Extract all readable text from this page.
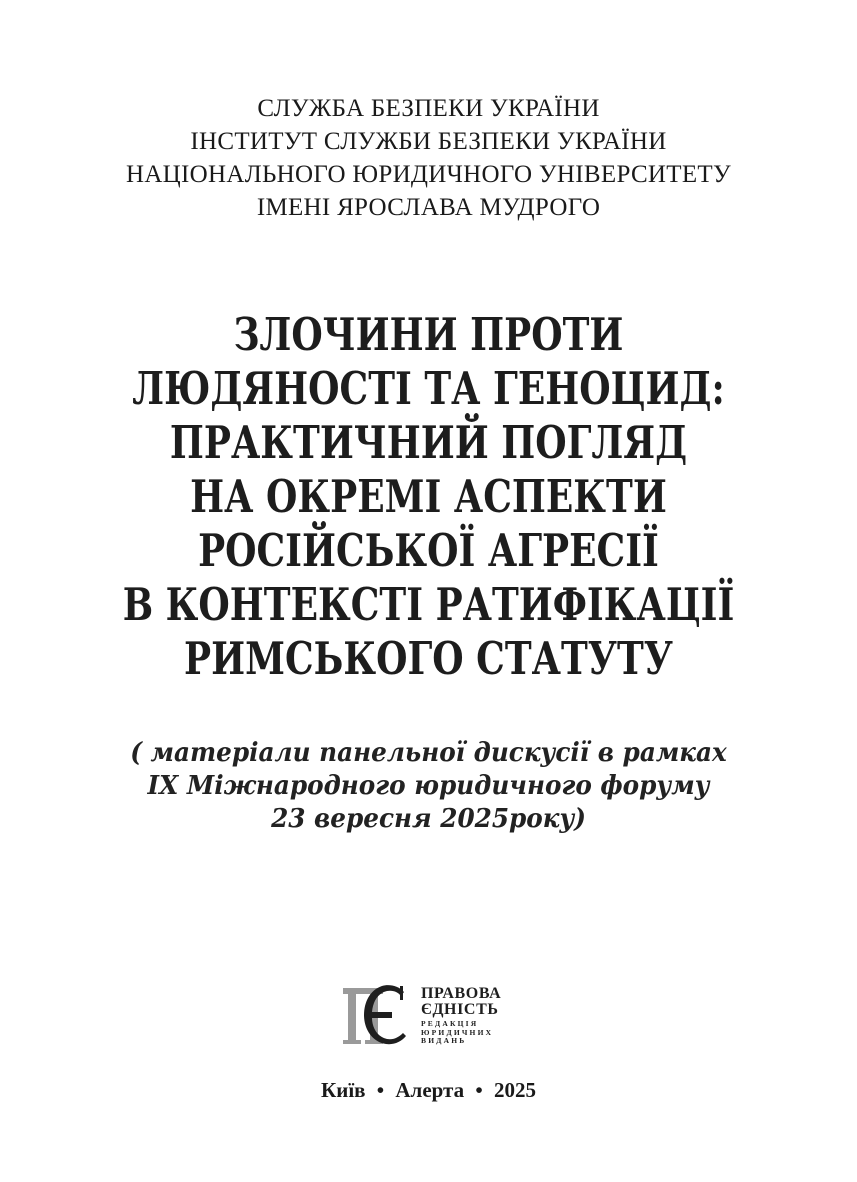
СЛУЖБА БЕЗПЕКИ УКРАЇНИ
ІНСТИТУТ СЛУЖБИ БЕЗПЕКИ УКРАЇНИ
НАЦІОНАЛЬНОГО ЮРИДИЧНОГО УНІВЕРСИТЕТУ
ІМЕНІ ЯРОСЛАВА МУДРОГО
ЗЛОЧИНИ ПРОТИ
ЛЮДЯНОСТІ ТА ГЕНОЦИД:
ПРАКТИЧНИЙ ПОГЛЯД
НА ОКРЕМІ АСПЕКТИ
РОСІЙСЬКОЇ АГРЕСІЇ
В КОНТЕКСТІ РАТИФІКАЦІЇ
РИМСЬКОГО СТАТУТУ
( матеріали панельної дискусії в рамках
IX Міжнародного юридичного форуму
23 вересня 2025року)
ПРАВОВА
ЄДНІСТЬ
РЕДАКЦІЯ
ЮРИДИЧНИХ
ВИДАНЬ
Київ • Алерта • 2025
